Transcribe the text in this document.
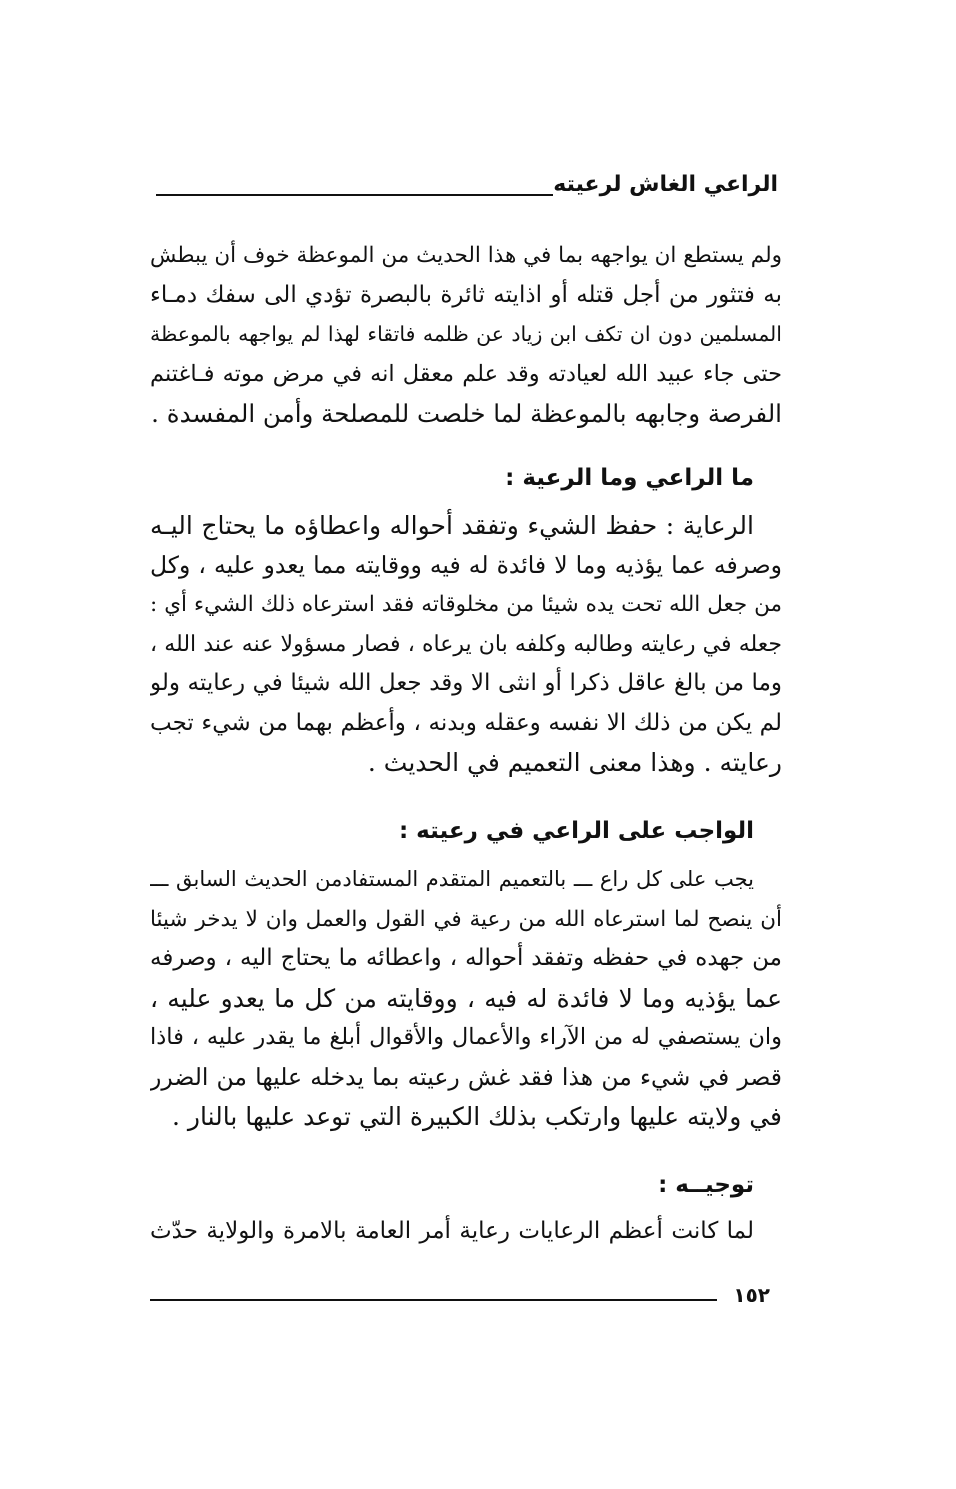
الراعي الغاش لرعيته

ولم يستطع ان يواجهه بما في هذا الحديث من الموعظة خوف أن يبطش
به فتثور من أجل قتله أو اذايته ثائرة بالبصرة تؤدي الى سفك دمـاء
المسلمين دون ان تكف ابن زياد عن ظلمه فاتقاء لهذا لم يواجهه بالموعظة
حتى جاء عبيد الله لعيادته وقد علم معقل انه في مرض موته فـاغتنم
الفرصة وجابهه بالموعظة لما خلصت للمصلحة وأمن المفسدة .

ما الراعي وما الرعية :

الرعاية : حفظ الشيء وتفقد أحواله واعطاؤه ما يحتاج اليـه
وصرفه عما يؤذيه وما لا فائدة له فيه ووقايته مما يعدو عليه ، وكل
من جعل الله تحت يده شيئا من مخلوقاته فقد استرعاه ذلك الشيء أي :
جعله في رعايته وطالبه وكلفه بان يرعاه ، فصار مسؤولا عنه عند الله ،
وما من بالغ عاقل ذكرا أو انثى الا وقد جعل الله شيئا في رعايته ولو
لم يكن من ذلك الا نفسه وعقله وبدنه ، وأعظم بهما من شيء تجب
رعايته . وهذا معنى التعميم في الحديث .

الواجب على الراعي في رعيته :

يجب على كل راع ـــ بالتعميم المتقدم المستفادمن الحديث السابق ـــ
أن ينصح لما استرعاه الله من رعية في القول والعمل وان لا يدخر شيئا
من جهده في حفظه وتفقد أحواله ، واعطائه ما يحتاج اليه ، وصرفه
عما يؤذيه وما لا فائدة له فيه ، ووقايته من كل ما يعدو عليه ،
وان يستصفي له من الآراء والأعمال والأقوال أبلغ ما يقدر عليه ، فاذا
قصر في شيء من هذا فقد غش رعيته بما يدخله عليها من الضرر
في ولايته عليها وارتكب بذلك الكبيرة التي توعد عليها بالنار .

توجيــه :

لما كانت أعظم الرعايات رعاية أمر العامة بالامرة والولاية حدّث

١٥٢
